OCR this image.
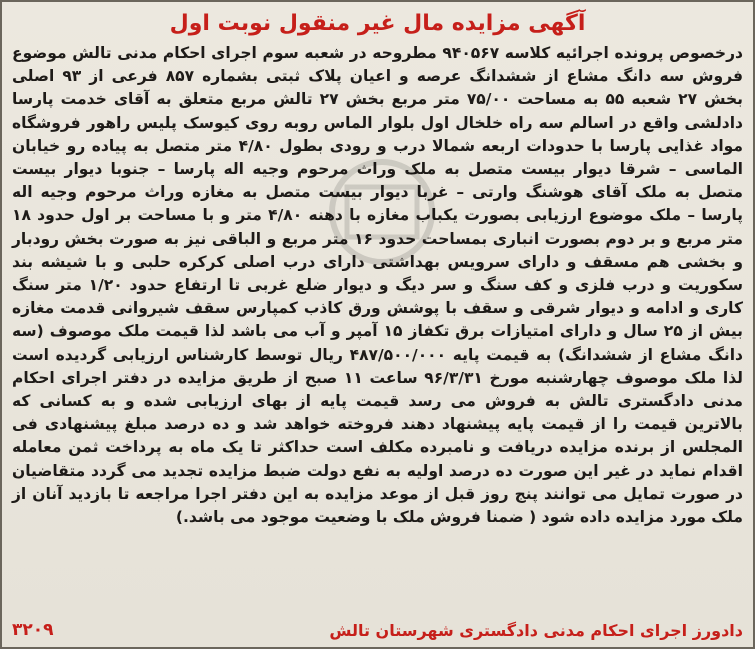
آگهی مزایده مال غیر منقول نوبت اول

درخصوص پرونده اجرائیه کلاسه ۹۴۰۵۶۷ مطروحه در شعبه سوم اجرای احکام مدنی تالش موضوع فروش سه دانگ مشاع از ششدانگ عرصه و اعیان پلاک ثبتی بشماره ۸۵۷ فرعی از ۹۳ اصلی بخش ۲۷ شعبه ۵۵ به مساحت ۷۵/۰۰ متر مربع بخش ۲۷ تالش مربع متعلق به آقای خدمت پارسا دادلشی واقع در اسالم سه راه خلخال اول بلوار الماس روبه روی کیوسک پلیس راهور فروشگاه مواد غذایی پارسا با حدودات اربعه شمالا درب و رودی بطول ۴/۸۰ متر متصل به پیاده رو خیابان الماسی – شرقا دیوار بیست متصل به ملک وراث مرحوم وجیه اله پارسا – جنوبا دیوار بیست متصل به ملک آقای هوشنگ وارتی – غربا دیوار بیست متصل به مغازه وراث مرحوم وجیه اله پارسا – ملک موضوع ارزیابی بصورت یکباب مغازه با دهنه ۴/۸۰ متر و با مساحت بر اول حدود ۱۸ متر مربع و بر دوم بصورت انباری بمساحت حدود ۱۶ متر مربع و الباقی نیز به صورت بخش رودبار و بخشی هم مسقف و دارای سرویس بهداشتی دارای درب اصلی کرکره حلبی و با شیشه بند سکوریت و درب فلزی و کف سنگ و سر دیگ و دیوار ضلع غربی تا ارتفاع حدود ۱/۲۰ متر سنگ کاری و ادامه و دیوار شرقی و سقف با پوشش ورق کاذب کمپارس سقف شیروانی قدمت مغازه بیش از ۲۵ سال و دارای امتیازات برق تکفاز ۱۵ آمپر و آب می باشد لذا قیمت ملک موصوف (سه دانگ مشاع از ششدانگ) به قیمت پایه ۴۸۷/۵۰۰/۰۰۰ ریال توسط کارشناس ارزیابی گردیده است لذا ملک موصوف چهارشنبه مورخ ۹۶/۳/۳۱ ساعت ۱۱ صبح از طریق مزایده در دفتر اجرای احکام مدنی دادگستری تالش به فروش می رسد قیمت پایه از بهای ارزیابی شده و به کسانی که بالاترین قیمت را از قیمت پایه پیشنهاد دهند فروخته خواهد شد و ده درصد مبلغ پیشنهادی فی المجلس از برنده مزایده دریافت و نامبرده مکلف است حداکثر تا یک ماه به پرداخت ثمن معامله اقدام نماید در غیر این صورت ده درصد اولیه به نفع دولت ضبط مزایده تجدید می گردد متقاضیان در صورت تمایل می توانند پنج روز قبل از موعد مزایده به این دفتر اجرا مراجعه تا بازدید آنان از ملک مورد مزایده داده شود ( ضمنا فروش ملک با وضعیت موجود می باشد.)

دادورز اجرای احکام مدنی دادگستری شهرستان تالش
۳۲۰۹
